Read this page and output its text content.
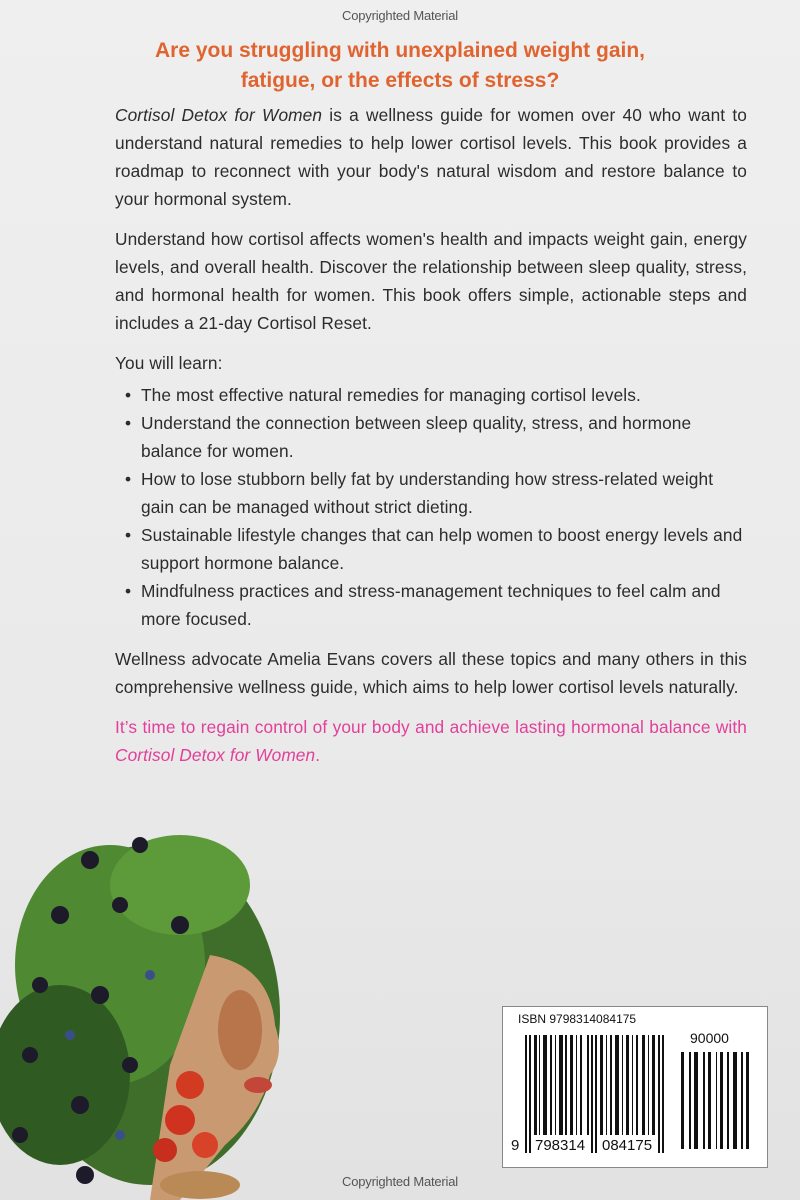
Copyrighted Material
Are you struggling with unexplained weight gain,
fatigue, or the effects of stress?

Cortisol Detox for Women is a wellness guide for women over 40 who want to understand natural remedies to help lower cortisol levels. This book provides a roadmap to reconnect with your body's natural wisdom and restore balance to your hormonal system.

Understand how cortisol affects women's health and impacts weight gain, energy levels, and overall health. Discover the relationship between sleep quality, stress, and hormonal health for women. This book offers simple, actionable steps and includes a 21-day Cortisol Reset.

You will learn:

• The most effective natural remedies for managing cortisol levels.
• Understand the connection between sleep quality, stress, and hormone balance for women.
• How to lose stubborn belly fat by understanding how stress-related weight gain can be managed without strict dieting.
• Sustainable lifestyle changes that can help women to boost energy levels and support hormone balance.
• Mindfulness practices and stress-management techniques to feel calm and more focused.

Wellness advocate Amelia Evans covers all these topics and many others in this comprehensive wellness guide, which aims to help lower cortisol levels naturally.

It’s time to regain control of your body and achieve lasting hormonal balance with Cortisol Detox for Women.

ISBN 9798314084175
90000
9 798314 084175
Copyrighted Material
